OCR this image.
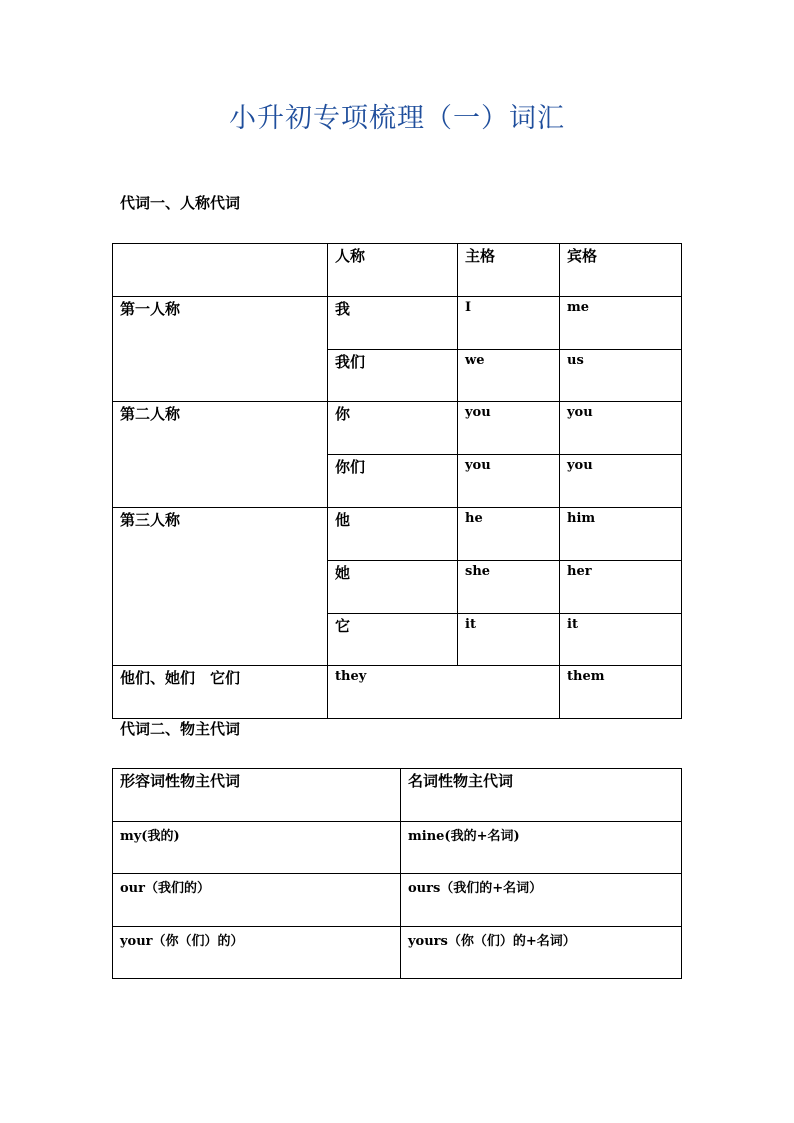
小升初专项梳理（一）词汇
代词一、人称代词
	人称	主格	宾格
第一人称	我	I	me
	我们	we	us
第二人称	你	you	you
	你们	you	you
第三人称	他	he	him
	她	she	her
	它	it	it
他们、她们　它们	they		them
代词二、物主代词
形容词性物主代词	名词性物主代词
my(我的)	mine(我的+名词)
our（我们的）	ours（我们的+名词）
your（你（们）的）	yours（你（们）的+名词）
